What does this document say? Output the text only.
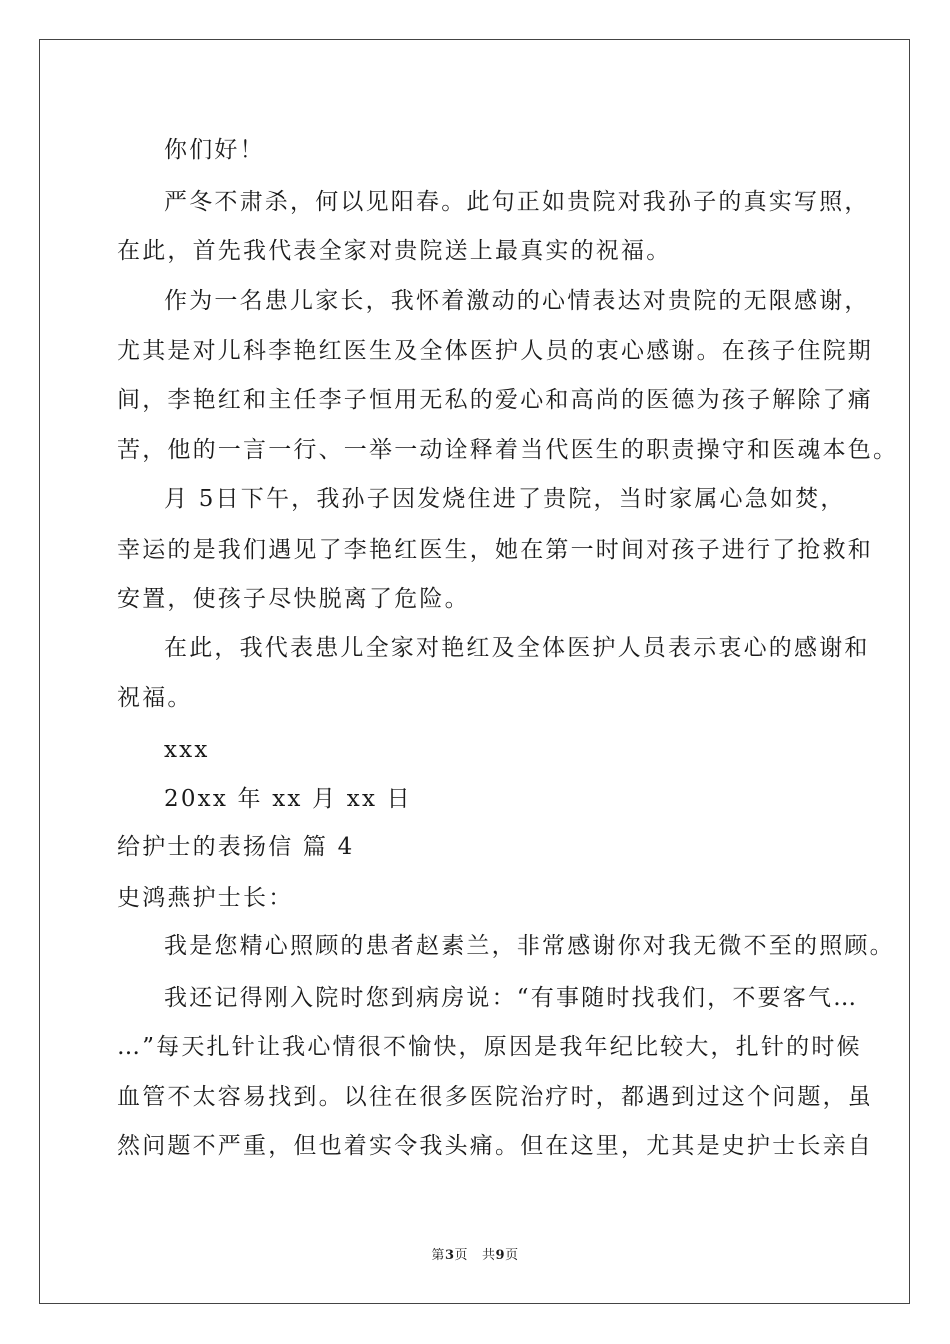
你们好！
严冬不肃杀，何以见阳春。此句正如贵院对我孙子的真实写照，
在此，首先我代表全家对贵院送上最真实的祝福。
作为一名患儿家长，我怀着激动的心情表达对贵院的无限感谢，
尤其是对儿科李艳红医生及全体医护人员的衷心感谢。在孩子住院期
间，李艳红和主任李子恒用无私的爱心和高尚的医德为孩子解除了痛
苦，他的一言一行、一举一动诠释着当代医生的职责操守和医魂本色。
月 5日下午，我孙子因发烧住进了贵院，当时家属心急如焚，
幸运的是我们遇见了李艳红医生，她在第一时间对孩子进行了抢救和
安置，使孩子尽快脱离了危险。
在此，我代表患儿全家对艳红及全体医护人员表示衷心的感谢和
祝福。
xxx
20xx 年 xx 月 xx 日
给护士的表扬信 篇 4
史鸿燕护士长：
我是您精心照顾的患者赵素兰，非常感谢你对我无微不至的照顾。
我还记得刚入院时您到病房说：“有事随时找我们，不要客气…
…”每天扎针让我心情很不愉快，原因是我年纪比较大，扎针的时候
血管不太容易找到。以往在很多医院治疗时，都遇到过这个问题，虽
然问题不严重，但也着实令我头痛。但在这里，尤其是史护士长亲自
第3页 共9页
